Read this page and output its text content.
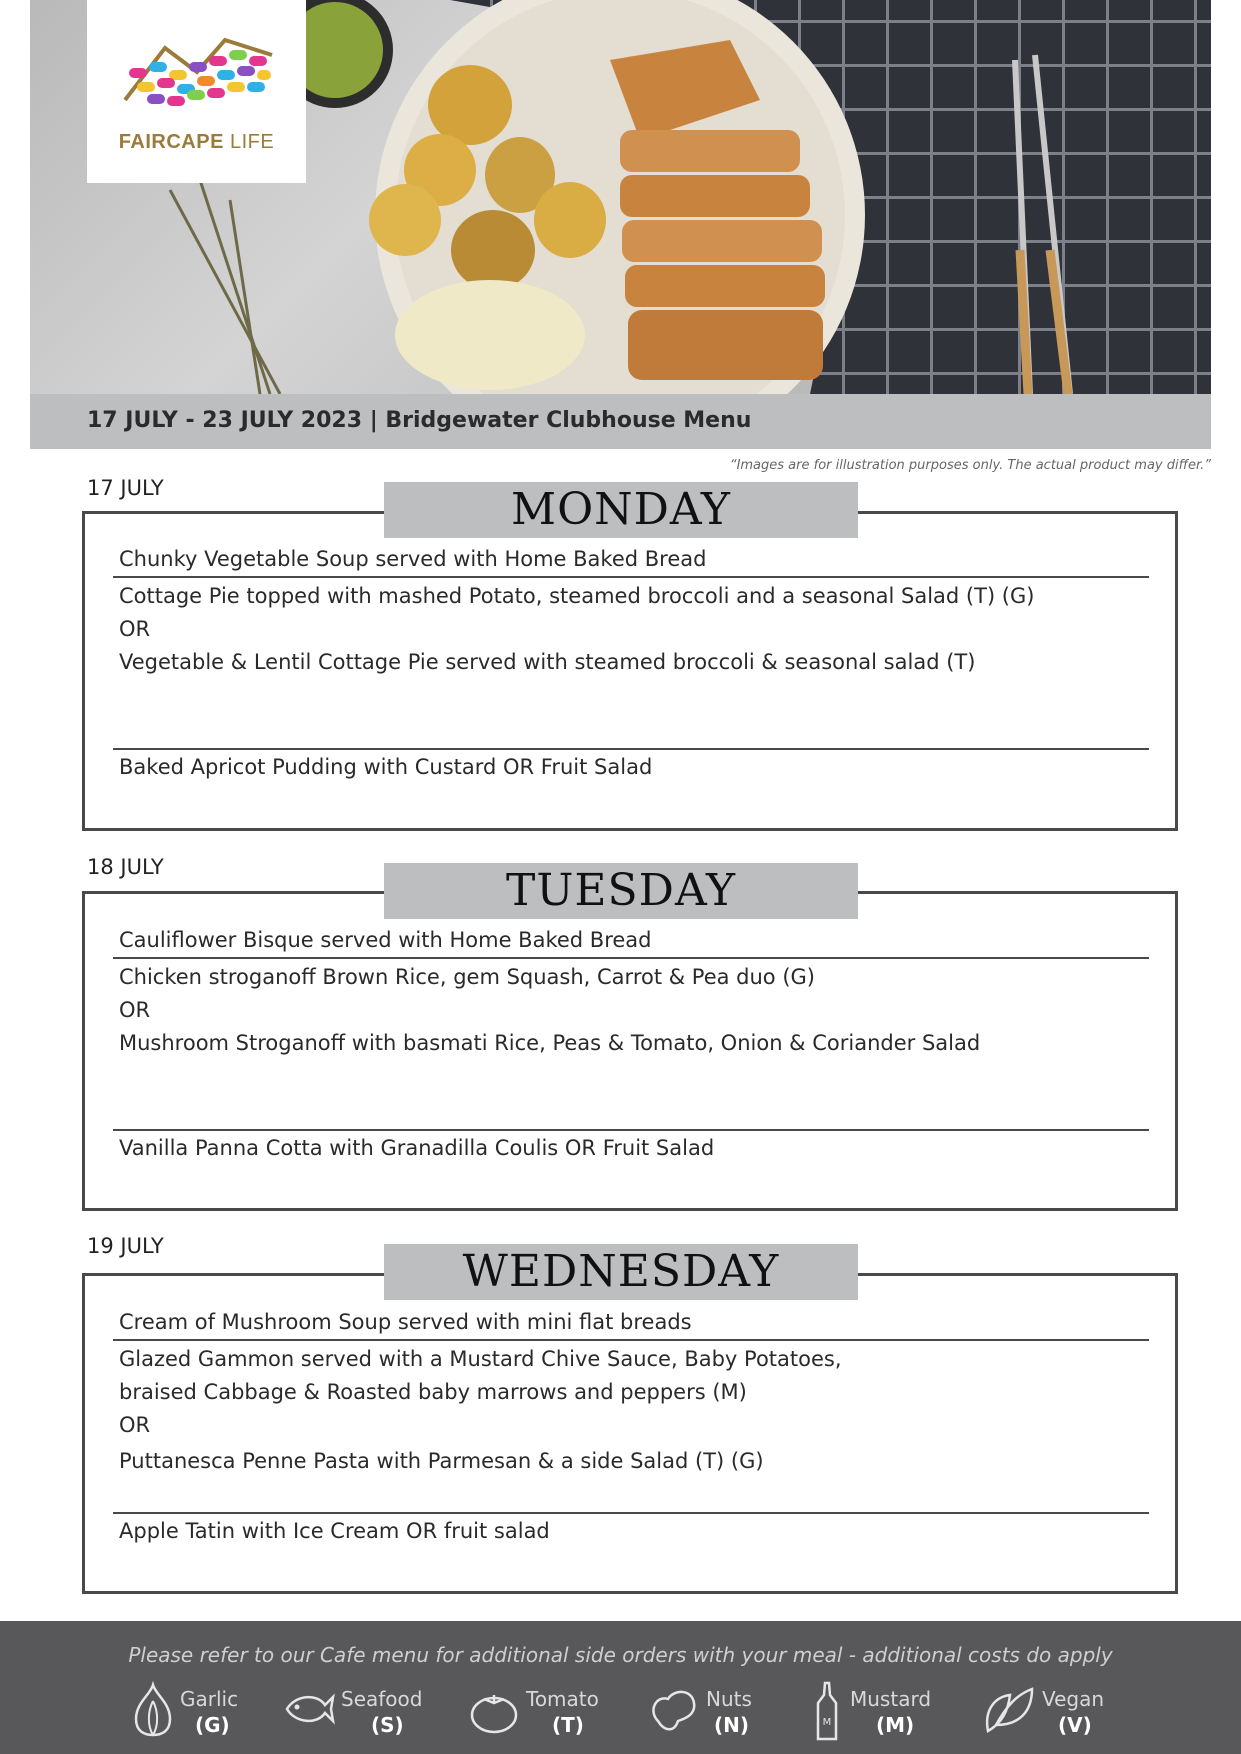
FAIRCAPE LIFE
17 JULY - 23 JULY 2023 | Bridgewater Clubhouse Menu
“Images are for illustration purposes only. The actual product may differ.”
17 JULY	MONDAY
Chunky Vegetable Soup served with Home Baked Bread
Cottage Pie topped with mashed Potato, steamed broccoli and a seasonal Salad (T) (G)
OR
Vegetable & Lentil Cottage Pie served with steamed broccoli & seasonal salad (T)
Baked Apricot Pudding with Custard OR Fruit Salad
18 JULY	TUESDAY
Cauliflower Bisque served with Home Baked Bread
Chicken stroganoff Brown Rice, gem Squash, Carrot & Pea duo (G)
OR
Mushroom Stroganoff with basmati Rice, Peas & Tomato, Onion & Coriander Salad
Vanilla Panna Cotta with Granadilla Coulis OR Fruit Salad
19 JULY	WEDNESDAY
Cream of Mushroom Soup served with mini flat breads
Glazed Gammon served with a Mustard Chive Sauce, Baby Potatoes,
braised Cabbage & Roasted baby marrows and peppers (M)
OR
Puttanesca Penne Pasta with Parmesan & a side Salad (T) (G)
Apple Tatin with Ice Cream OR fruit salad
Please refer to our Cafe menu for additional side orders with your meal - additional costs do apply
Garlic
(G)
Seafood
(S)
Tomato
(T)
Nuts
(N)	M
Mustard
(M)
Vegan
(V)
